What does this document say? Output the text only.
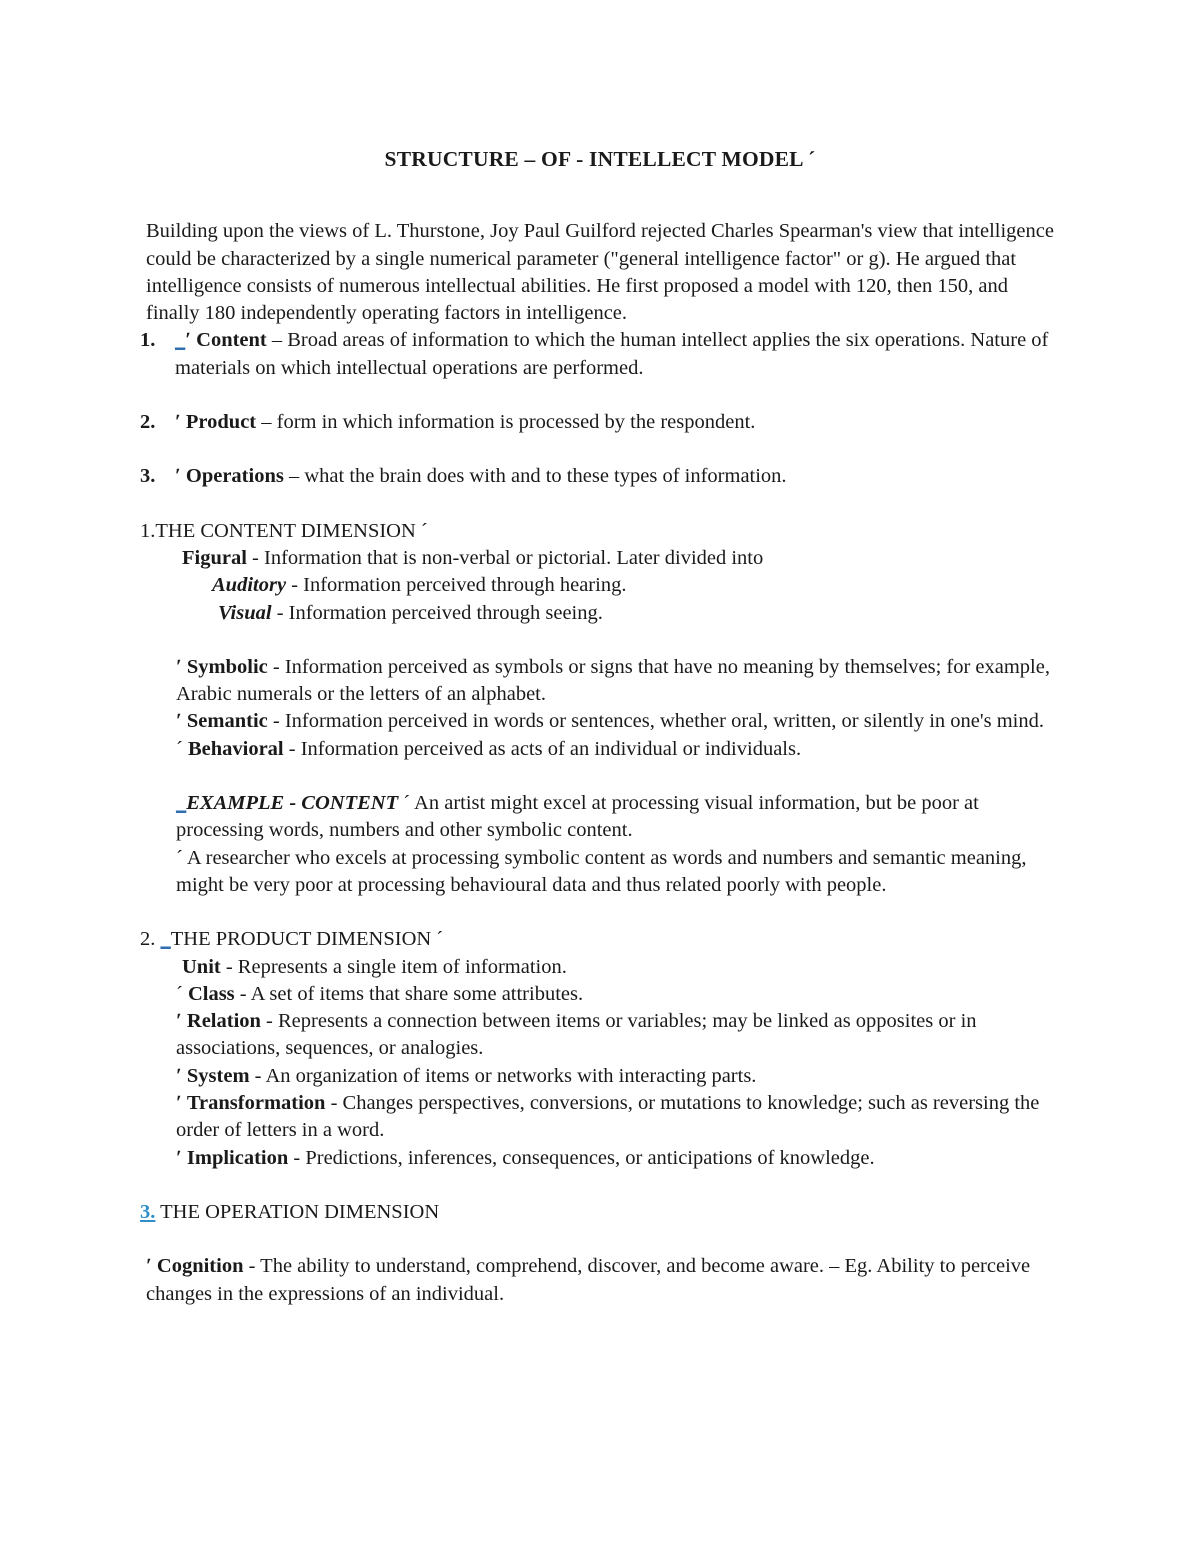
STRUCTURE – OF - INTELLECT MODEL ´

Building upon the views of L. Thurstone, Joy Paul Guilford rejected Charles Spearman's view that intelligence could be characterized by a single numerical parameter ("general intelligence factor" or g). He argued that intelligence consists of numerous intellectual abilities. He first proposed a model with 120, then 150, and finally 180 independently operating factors in intelligence.

1. _ʹ Content – Broad areas of information to which the human intellect applies the six operations. Nature of materials on which intellectual operations are performed.
2. ʹ Product – form in which information is processed by the respondent.
3. ʹ Operations – what the brain does with and to these types of information.

1.THE CONTENT DIMENSION ´

Figural - Information that is non-verbal or pictorial. Later divided into

Auditory - Information perceived through hearing.

Visual - Information perceived through seeing.

ʹ Symbolic - Information perceived as symbols or signs that have no meaning by themselves; for example, Arabic numerals or the letters of an alphabet.

ʹ Semantic - Information perceived in words or sentences, whether oral, written, or silently in one's mind.

´ Behavioral - Information perceived as acts of an individual or individuals.

_EXAMPLE - CONTENT ´ An artist might excel at processing visual information, but be poor at processing words, numbers and other symbolic content.

´ A researcher who excels at processing symbolic content as words and numbers and semantic meaning, might be very poor at processing behavioural data and thus related poorly with people.

2. _THE PRODUCT DIMENSION ´

Unit - Represents a single item of information.

´ Class - A set of items that share some attributes.

ʹ Relation - Represents a connection between items or variables; may be linked as opposites or in associations, sequences, or analogies.

ʹ System - An organization of items or networks with interacting parts.

ʹ Transformation - Changes perspectives, conversions, or mutations to knowledge; such as reversing the order of letters in a word.

ʹ Implication - Predictions, inferences, consequences, or anticipations of knowledge.

3. THE OPERATION DIMENSION

ʹ Cognition - The ability to understand, comprehend, discover, and become aware. – Eg. Ability to perceive changes in the expressions of an individual.
